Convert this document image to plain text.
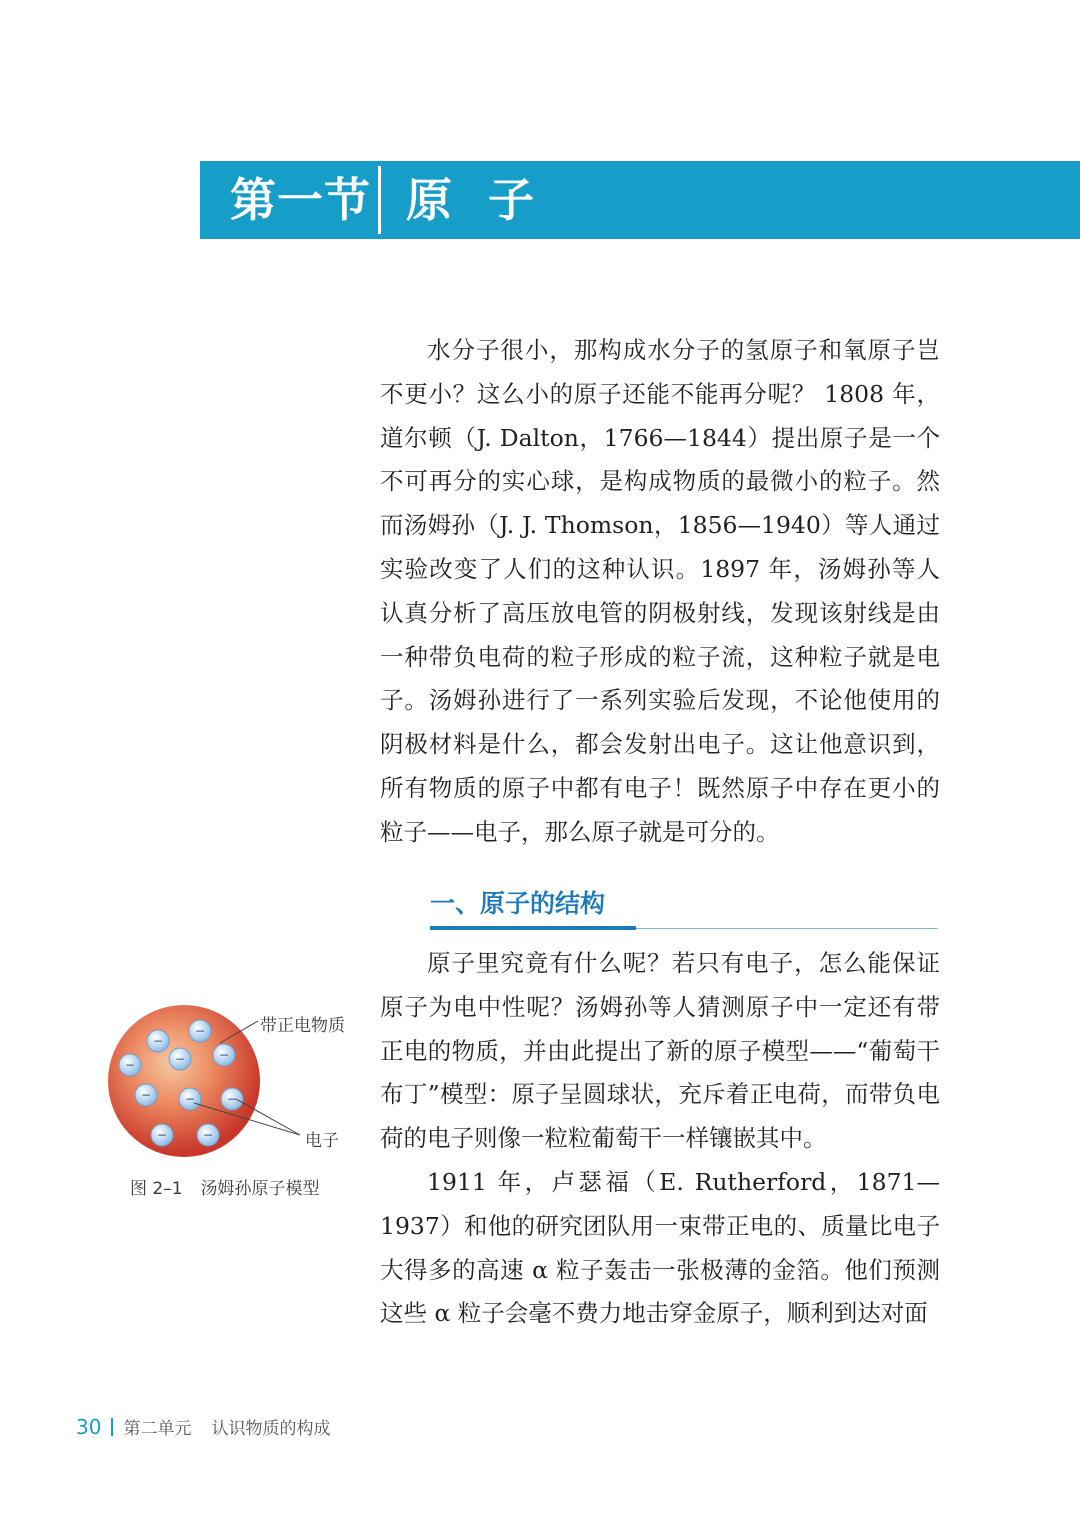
第一节 原子

水分子很小，那构成水分子的氢原子和氧原子岂不更小？这么小的原子还能不能再分呢？ 1808 年，道尔顿（J. Dalton，1766—1844）提出原子是一个不可再分的实心球，是构成物质的最微小的粒子。然而汤姆孙（J. J. Thomson，1856—1940）等人通过实验改变了人们的这种认识。1897 年，汤姆孙等人认真分析了高压放电管的阴极射线，发现该射线是由一种带负电荷的粒子形成的粒子流，这种粒子就是电子。汤姆孙进行了一系列实验后发现，不论他使用的阴极材料是什么，都会发射出电子。这让他意识到，所有物质的原子中都有电子！既然原子中存在更小的粒子——电子，那么原子就是可分的。

一、原子的结构

原子里究竟有什么呢？若只有电子，怎么能保证原子为电中性呢？汤姆孙等人猜测原子中一定还有带正电的物质，并由此提出了新的原子模型——“葡萄干布丁”模型：原子呈圆球状，充斥着正电荷，而带负电荷的电子则像一粒粒葡萄干一样镶嵌其中。

1911 年，卢瑟福（E. Rutherford，1871—1937）和他的研究团队用一束带正电的、质量比电子大得多的高速 α 粒子轰击一张极薄的金箔。他们预测这些 α 粒子会毫不费力地击穿金原子，顺利到达对面

−
−
−	−	−
−	−	−
−	−
带正电物质
电子
图 2–1 汤姆孙原子模型
30 第二单元 认识物质的构成
